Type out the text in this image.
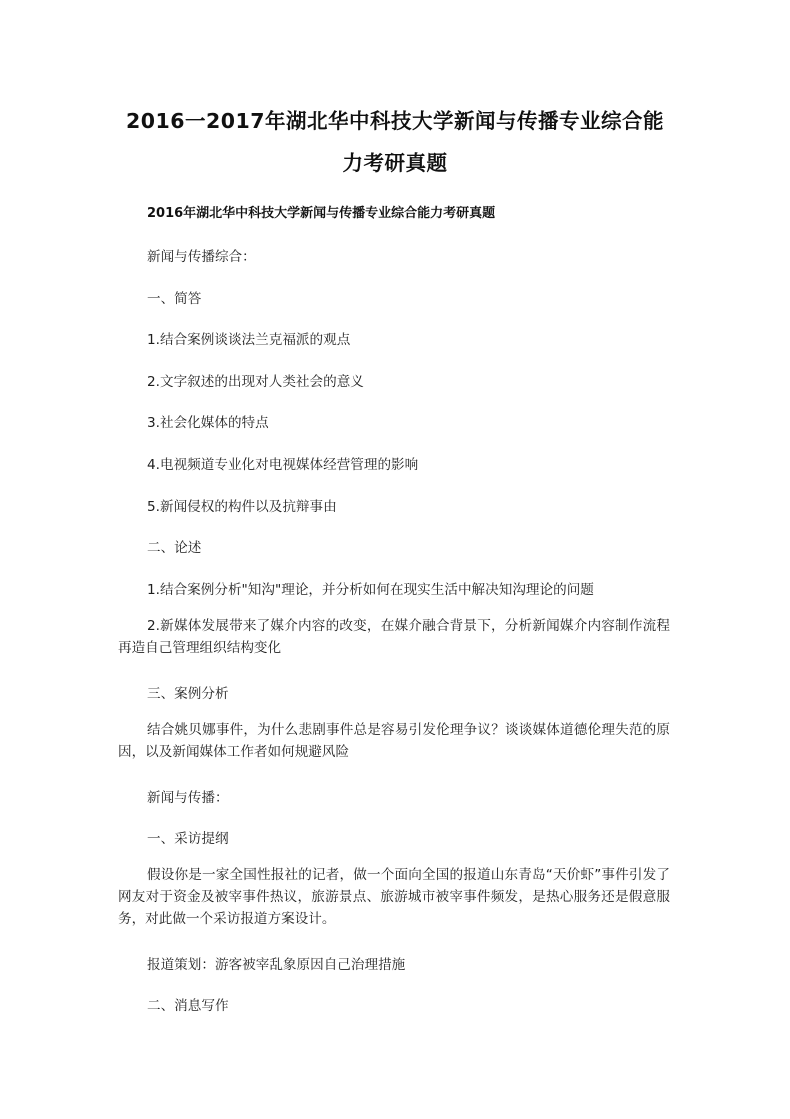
2016一2017年湖北华中科技大学新闻与传播专业综合能
力考研真题
2016年湖北华中科技大学新闻与传播专业综合能力考研真题
新闻与传播综合：
一、简答
1.结合案例谈谈法兰克福派的观点
2.文字叙述的出现对人类社会的意义
3.社会化媒体的特点
4.电视频道专业化对电视媒体经营管理的影响
5.新闻侵权的构件以及抗辩事由
二、论述
1.结合案例分析"知沟"理论，并分析如何在现实生活中解决知沟理论的问题
2.新媒体发展带来了媒介内容的改变，在媒介融合背景下，分析新闻媒介内容制作流程再造自己管理组织结构变化
三、案例分析
结合姚贝娜事件，为什么悲剧事件总是容易引发伦理争议？谈谈媒体道德伦理失范的原因，以及新闻媒体工作者如何规避风险
新闻与传播：
一、采访提纲
假设你是一家全国性报社的记者，做一个面向全国的报道山东青岛“天价虾”事件引发了网友对于资金及被宰事件热议，旅游景点、旅游城市被宰事件频发，是热心服务还是假意服务，对此做一个采访报道方案设计。
报道策划：游客被宰乱象原因自己治理措施
二、消息写作
